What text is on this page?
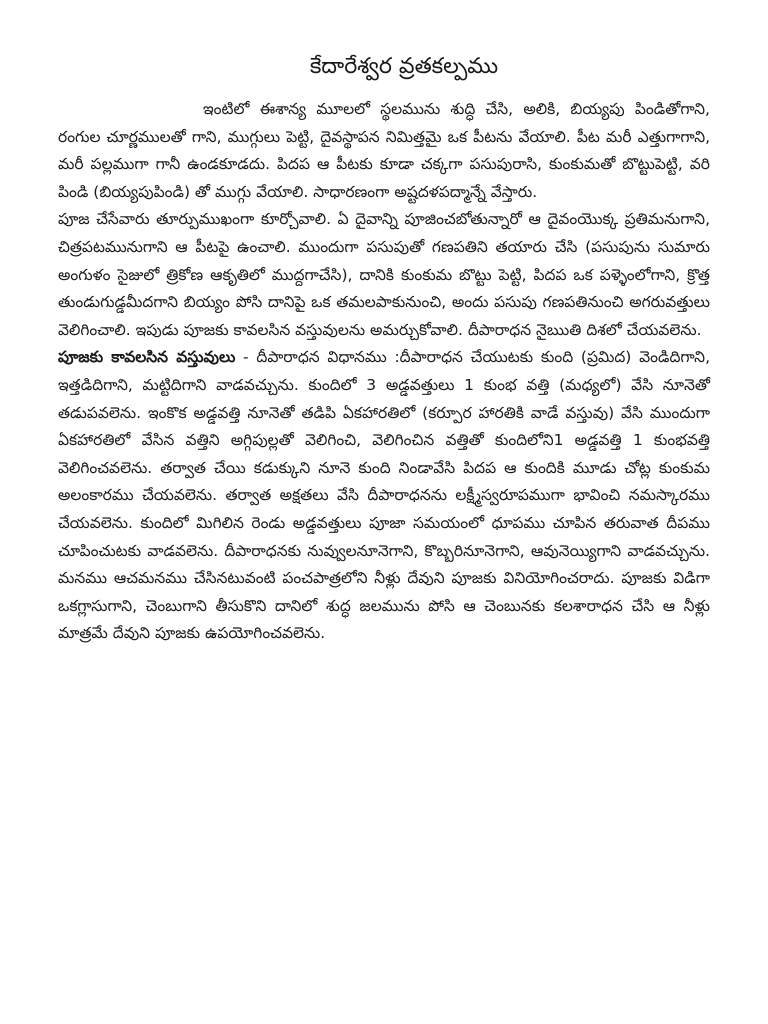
కేదారేశ్వర వ్రతకల్పము

ఇంటిలో ఈశాన్య మూలలో స్థలమును శుద్ధి చేసి, అలికి, బియ్యపు పిండితోగాని, రంగుల చూర్ణములతో గాని, ముగ్గులు పెట్టి, దైవస్థాపన నిమిత్తమై ఒక పీటను వేయాలి. పీట మరీ ఎత్తుగాగాని, మరీ పల్లముగా గానీ ఉండకూడదు. పిదప ఆ పీటకు కూడా చక్కగా పసుపురాసి, కుంకుమతో బొట్టుపెట్టి, వరి పిండి (బియ్యపుపిండి) తో ముగ్గు వేయాలి. సాధారణంగా అష్టదళపద్మాన్నే వేస్తారు.

పూజ చేసేవారు తూర్పుముఖంగా కూర్చోవాలి. ఏ దైవాన్ని పూజించబోతున్నారో ఆ దైవంయొక్క ప్రతిమనుగాని, చిత్రపటమునుగాని ఆ పీటపై ఉంచాలి. ముందుగా పసుపుతో గణపతిని తయారు చేసి (పసుపును సుమారు అంగుళం సైజులో త్రికోణ ఆకృతిలో ముద్దగాచేసి), దానికి కుంకుమ బొట్టు పెట్టి, పిదప ఒక పళ్ళెంలోగాని, క్రొత్త తుండుగుడ్డమీదగాని బియ్యం పోసి దానిపై ఒక తమలపాకునుంచి, అందు పసుపు గణపతినుంచి అగరువత్తులు వెలిగించాలి. ఇపుడు పూజకు కావలసిన వస్తువులను అమర్చుకోవాలి. దీపారాధన నైఋతి దిశలో చేయవలెను.

పూజకు కావలసిన వస్తువులు - దీపారాధన విధానము :దీపారాధన చేయుటకు కుంది (ప్రమిద) వెండిదిగాని, ఇత్తడిదిగాని, మట్టిదిగాని వాడవచ్చును. కుందిలో 3 అడ్డవత్తులు 1 కుంభ వత్తి (మధ్యలో) వేసి నూనెతో తడుపవలెను. ఇంకొక అడ్డవత్తి నూనెతో తడిపి ఏకహారతిలో (కర్పూర హారతికి వాడే వస్తువు) వేసి ముందుగా ఏకహారతిలో వేసిన వత్తిని అగ్గిపుల్లతో వెలిగించి, వెలిగించిన వత్తితో కుందిలోని1 అడ్డవత్తి 1 కుంభవత్తి వెలిగించవలెను. తర్వాత చేయి కడుక్కుని నూనె కుంది నిండావేసి పిదప ఆ కుందికి మూడు చోట్ల కుంకుమ అలంకారము చేయవలెను. తర్వాత అక్షతలు వేసి దీపారాధనను లక్ష్మీస్వరూపముగా భావించి నమస్కారము చేయవలెను. కుందిలో మిగిలిన రెండు అడ్డవత్తులు పూజా సమయంలో ధూపము చూపిన తరువాత దీపము చూపించుటకు వాడవలెను. దీపారాధనకు నువ్వులనూనెగాని, కొబ్బరినూనెగాని, ఆవునెయ్యిగాని వాడవచ్చును. మనము ఆచమనము చేసినటువంటి పంచపాత్రలోని నీళ్లు దేవుని పూజకు వినియోగించరాదు. పూజకు విడిగా ఒకగ్లాసుగాని, చెంబుగాని తీసుకొని దానిలో శుద్ధ జలమును పోసి ఆ చెంబునకు కలశారాధన చేసి ఆ నీళ్లు మాత్రమే దేవుని పూజకు ఉపయోగించవలెను.
